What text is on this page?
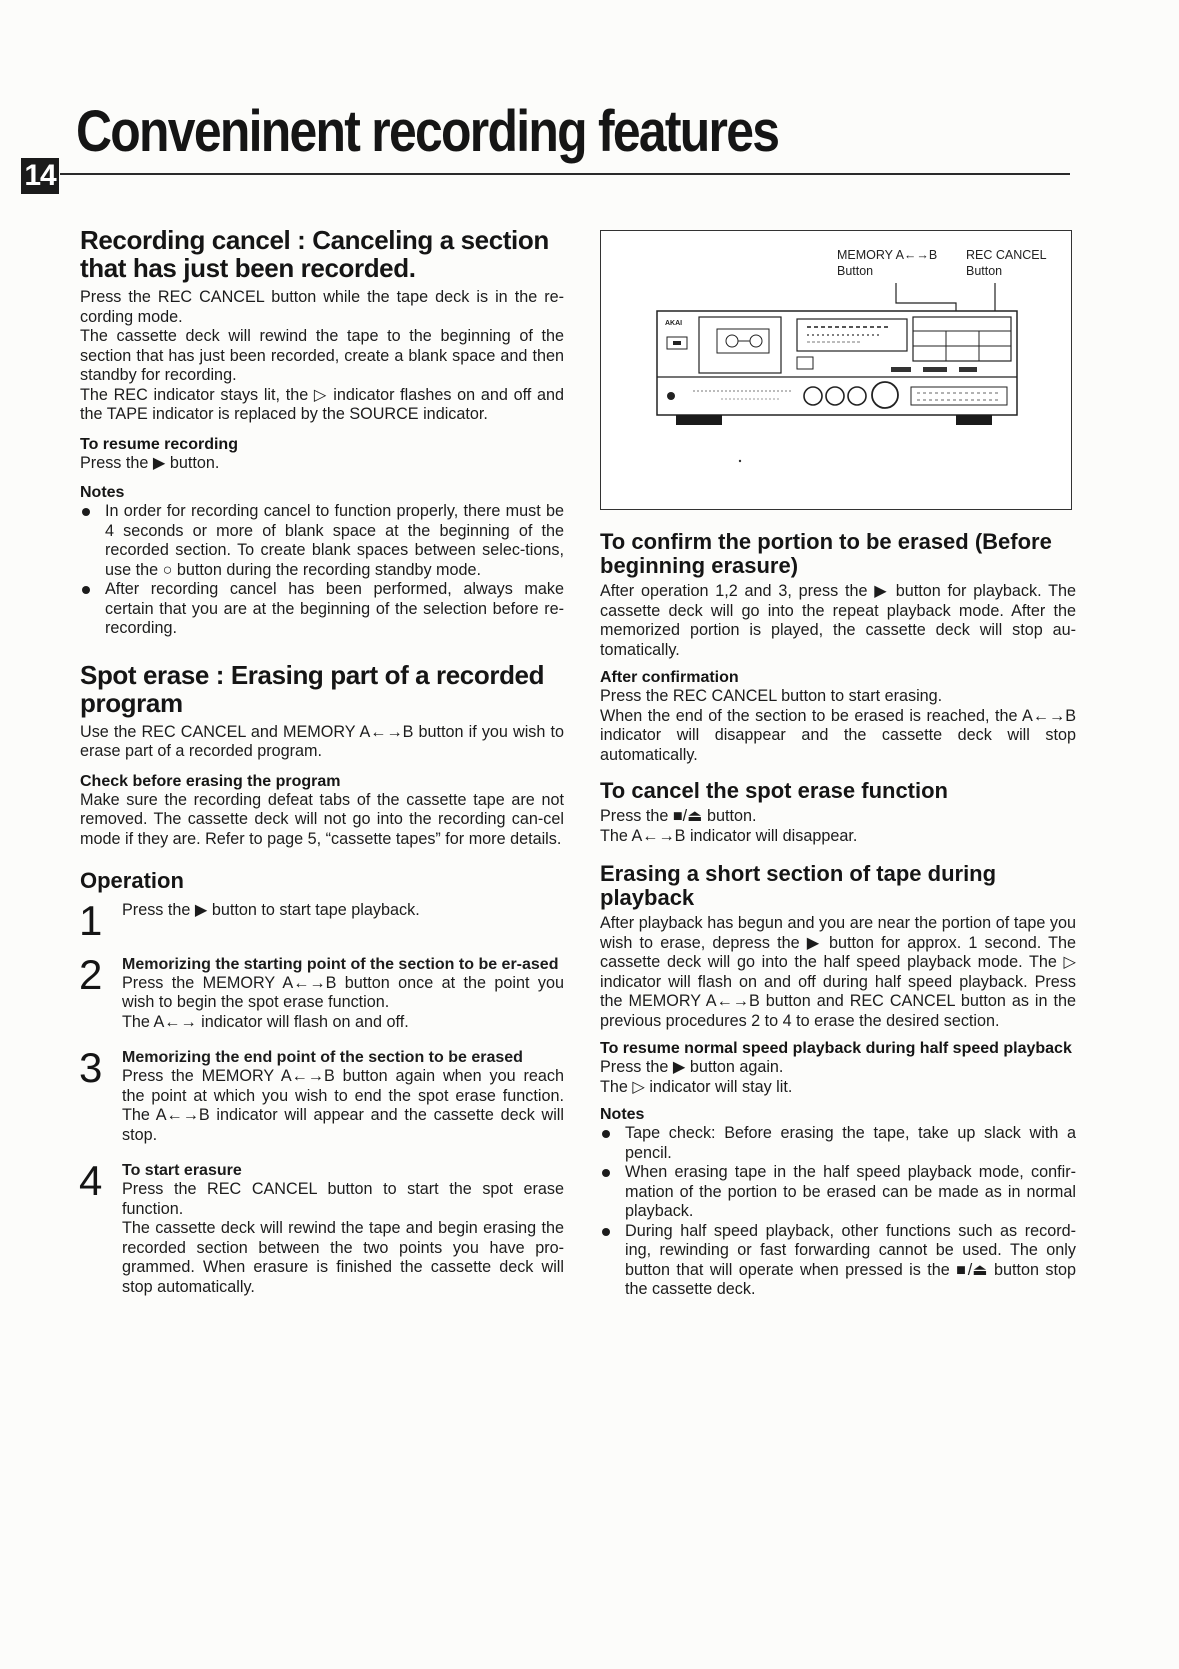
Conveninent recording features
14
Recording cancel : Canceling a section that has just been recorded.

Press the REC CANCEL button while the tape deck is in the re-cording mode.

The cassette deck will rewind the tape to the beginning of the section that has just been recorded, create a blank space and then standby for recording.

The REC indicator stays lit, the ▷ indicator flashes on and off and the TAPE indicator is replaced by the SOURCE indicator.

To resume recording

Press the ▶ button.

Notes
In order for recording cancel to function properly, there must be 4 seconds or more of blank space at the beginning of the recorded section. To create blank spaces between selec-tions, use the ○ button during the recording standby mode.
After recording cancel has been performed, always make certain that you are at the beginning of the selection before re-recording.
Spot erase : Erasing part of a recorded program

Use the REC CANCEL and MEMORY A←→B button if you wish to erase part of a recorded program.

Check before erasing the program

Make sure the recording defeat tabs of the cassette tape are not removed. The cassette deck will not go into the recording can-cel mode if they are. Refer to page 5, “cassette tapes” for more details.

Operation
1 Press the ▶ button to start tape playback.

2 Memorizing the starting point of the section to be er-ased

Press the MEMORY A←→B button once at the point you wish to begin the spot erase function.

The A←→ indicator will flash on and off.

3 Memorizing the end point of the section to be erased

Press the MEMORY A←→B button again when you reach the point at which you wish to end the spot erase function. The A←→B indicator will appear and the cassette deck will stop.

4 To start erasure

Press the REC CANCEL button to start the spot erase function.

The cassette deck will rewind the tape and begin erasing the recorded section between the two points you have pro-grammed. When erasure is finished the cassette deck will stop automatically.

MEMORY A←→B
Button
REC CANCEL
Button
AKAI
To confirm the portion to be erased (Before beginning erasure)

After operation 1,2 and 3, press the ▶ button for playback. The cassette deck will go into the repeat playback mode. After the memorized portion is played, the cassette deck will stop au-tomatically.

After confirmation

Press the REC CANCEL button to start erasing.

When the end of the section to be erased is reached, the A←→B indicator will disappear and the cassette deck will stop automatically.

To cancel the spot erase function

Press the ■/⏏ button.

The A←→B indicator will disappear.

Erasing a short section of tape during playback

After playback has begun and you are near the portion of tape you wish to erase, depress the ▶ button for approx. 1 second. The cassette deck will go into the half speed playback mode. The ▷ indicator will flash on and off during half speed playback. Press the MEMORY A←→B button and REC CANCEL button as in the previous procedures 2 to 4 to erase the desired section.

To resume normal speed playback during half speed playback

Press the ▶ button again.

The ▷ indicator will stay lit.

Notes
Tape check: Before erasing the tape, take up slack with a pencil.
When erasing tape in the half speed playback mode, confir-mation of the portion to be erased can be made as in normal playback.
During half speed playback, other functions such as record-ing, rewinding or fast forwarding cannot be used. The only button that will operate when pressed is the ■/⏏ button stop the cassette deck.
